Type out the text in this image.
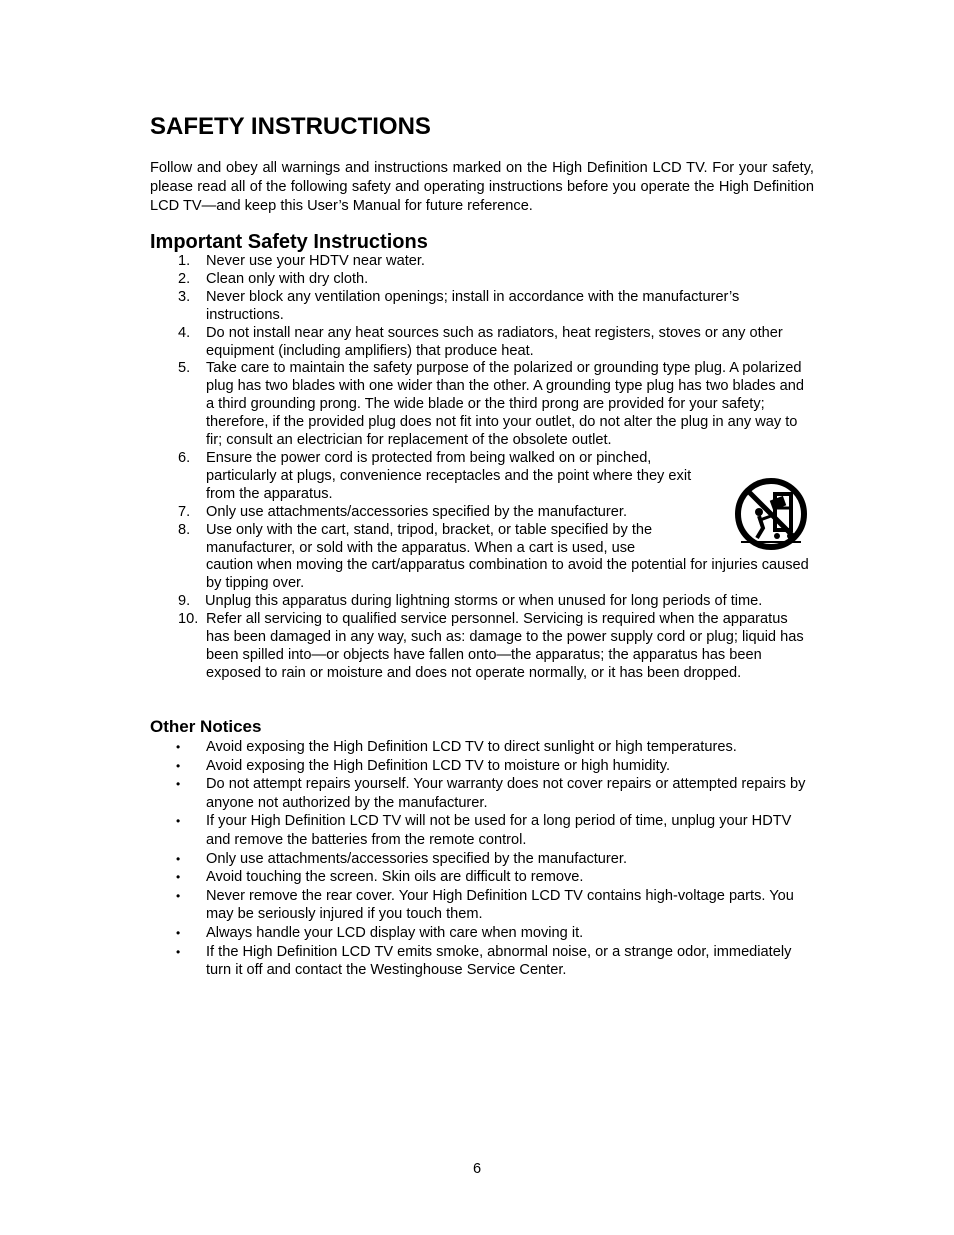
SAFETY INSTRUCTIONS

Follow and obey all warnings and instructions marked on the High Definition LCD TV. For your safety, please read all of the following safety and operating instructions before you operate the High Definition LCD TV—and keep this User’s Manual for future reference.

Important Safety Instructions
1. Never use your HDTV near water.
2. Clean only with dry cloth.
3. Never block any ventilation openings; install in accordance with the manufacturer’s instructions.
4. Do not install near any heat sources such as radiators, heat registers, stoves or any other equipment (including amplifiers) that produce heat.
5. Take care to maintain the safety purpose of the polarized or grounding type plug. A polarized plug has two blades with one wider than the other. A grounding type plug has two blades and a third grounding prong. The wide blade or the third prong are provided for your safety; therefore, if the provided plug does not fit into your outlet, do not alter the plug in any way to fir; consult an electrician for replacement of the obsolete outlet.
6. Ensure the power cord is protected from being walked on or pinched, particularly at plugs, convenience receptacles and the point where they exit from the apparatus.
7. Only use attachments/accessories specified by the manufacturer.
8. Use only with the cart, stand, tripod, bracket, or table specified by the manufacturer, or sold with the apparatus. When a cart is used, use
caution when moving the cart/apparatus combination to avoid the potential for injuries caused by tipping over.
9. Unplug this apparatus during lightning storms or when unused for long periods of time.
10. Refer all servicing to qualified service personnel. Servicing is required when the apparatus has been damaged in any way, such as: damage to the power supply cord or plug; liquid has been spilled into—or objects have fallen onto—the apparatus; the apparatus has been exposed to rain or moisture and does not operate normally, or it has been dropped.
Other Notices
• Avoid exposing the High Definition LCD TV to direct sunlight or high temperatures.
• Avoid exposing the High Definition LCD TV to moisture or high humidity.
• Do not attempt repairs yourself. Your warranty does not cover repairs or attempted repairs by anyone not authorized by the manufacturer.
• If your High Definition LCD TV will not be used for a long period of time, unplug your HDTV and remove the batteries from the remote control.
• Only use attachments/accessories specified by the manufacturer.
• Avoid touching the screen. Skin oils are difficult to remove.
• Never remove the rear cover. Your High Definition LCD TV contains high-voltage parts. You may be seriously injured if you touch them.
• Always handle your LCD display with care when moving it.
• If the High Definition LCD TV emits smoke, abnormal noise, or a strange odor, immediately turn it off and contact the Westinghouse Service Center.
6
